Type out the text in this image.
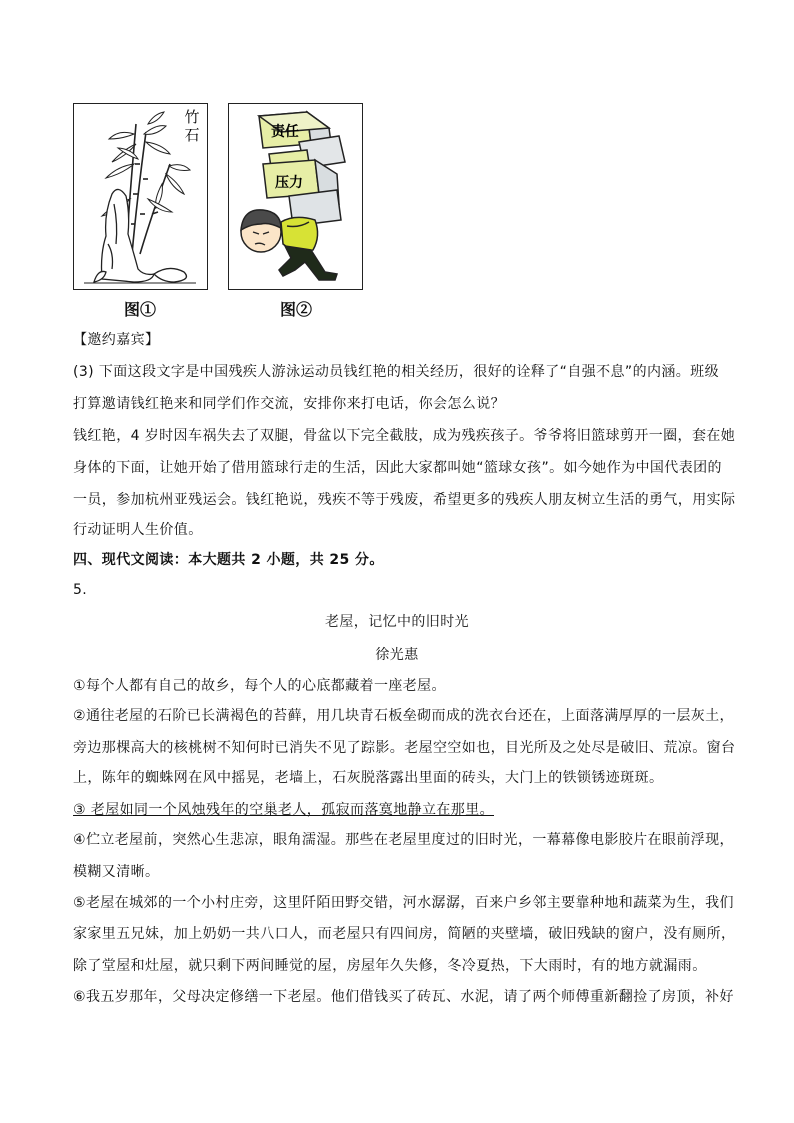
竹
石
图①
责任
压力
图②
【邀约嘉宾】
(3) 下面这段文字是中国残疾人游泳运动员钱红艳的相关经历，很好的诠释了“自强不息”的内涵。班级
打算邀请钱红艳来和同学们作交流，安排你来打电话，你会怎么说？
钱红艳，4 岁时因车祸失去了双腿，骨盆以下完全截肢，成为残疾孩子。爷爷将旧篮球剪开一圈，套在她
身体的下面，让她开始了借用篮球行走的生活，因此大家都叫她“篮球女孩”。如今她作为中国代表团的
一员，参加杭州亚残运会。钱红艳说，残疾不等于残废，希望更多的残疾人朋友树立生活的勇气，用实际
行动证明人生价值。
四、现代文阅读：本大题共 2 小题，共 25 分。
5.
老屋，记忆中的旧时光
徐光惠
①每个人都有自己的故乡，每个人的心底都藏着一座老屋。
②通往老屋的石阶已长满褐色的苔藓，用几块青石板垒砌而成的洗衣台还在，上面落满厚厚的一层灰土，
旁边那棵高大的核桃树不知何时已消失不见了踪影。老屋空空如也，目光所及之处尽是破旧、荒凉。窗台
上，陈年的蜘蛛网在风中摇晃，老墙上，石灰脱落露出里面的砖头，大门上的铁锁锈迹斑斑。
③ 老屋如同一个风烛残年的空巢老人，孤寂而落寞地静立在那里。
④伫立老屋前，突然心生悲凉，眼角濡湿。那些在老屋里度过的旧时光，一幕幕像电影胶片在眼前浮现，
模糊又清晰。
⑤老屋在城郊的一个小村庄旁，这里阡陌田野交错，河水潺潺，百来户乡邻主要靠种地和蔬菜为生，我们
家家里五兄妹，加上奶奶一共八口人，而老屋只有四间房，简陋的夹壁墙，破旧残缺的窗户，没有厕所，
除了堂屋和灶屋，就只剩下两间睡觉的屋，房屋年久失修，冬冷夏热，下大雨时，有的地方就漏雨。
⑥我五岁那年，父母决定修缮一下老屋。他们借钱买了砖瓦、水泥，请了两个师傅重新翻捡了房顶，补好
